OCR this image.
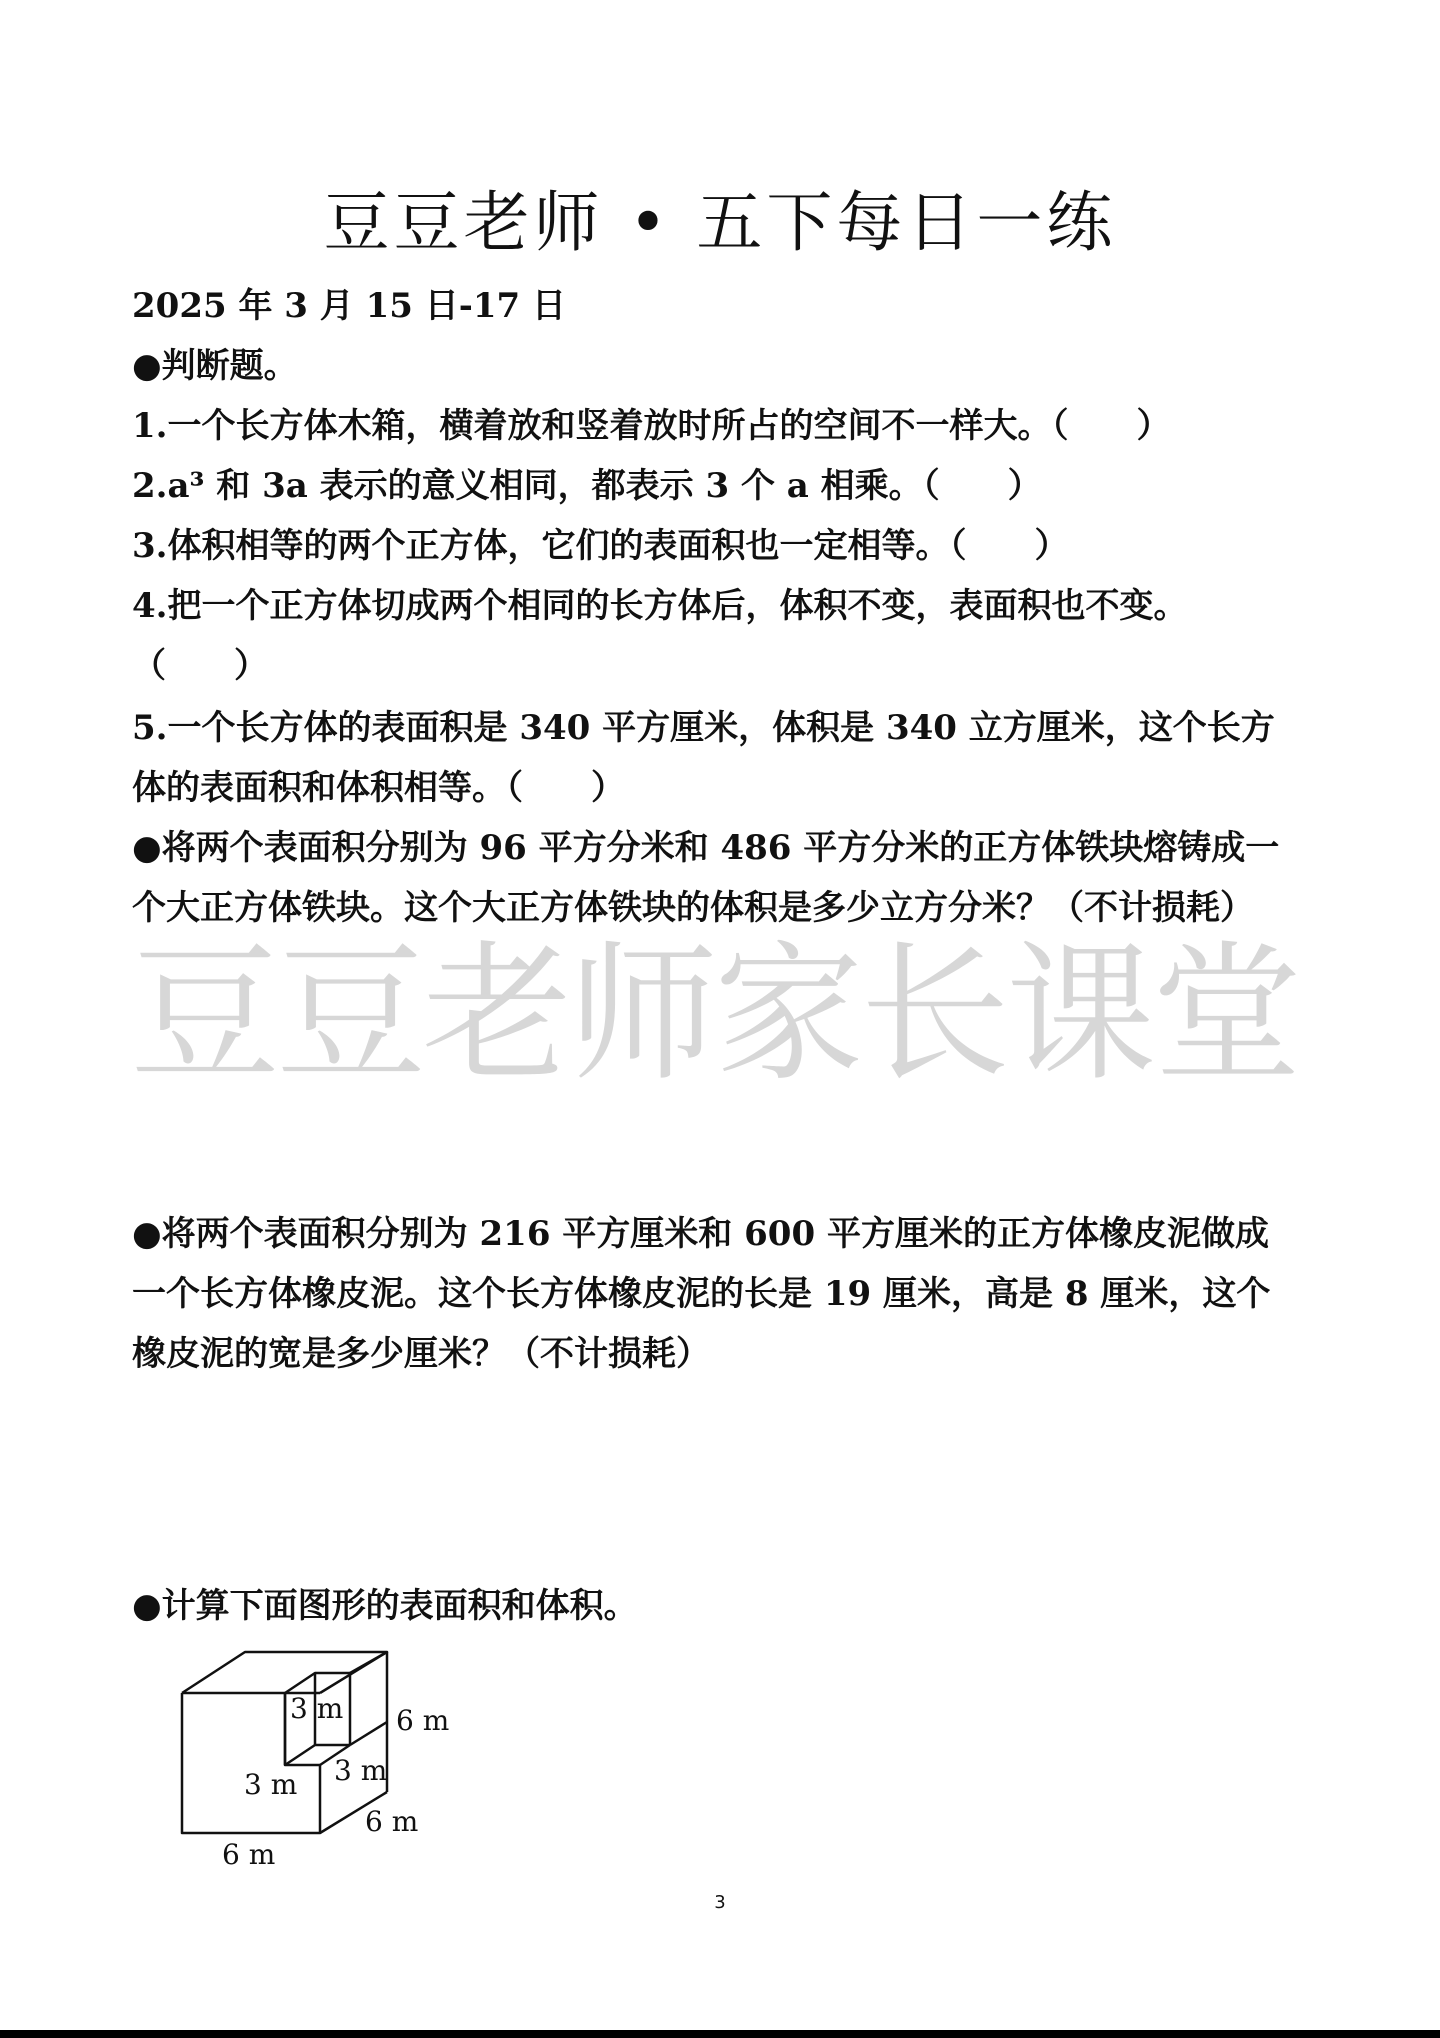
豆豆老师 • 五下每日一练
2025 年 3 月 15 日-17 日
●判断题。
1.一个长方体木箱，横着放和竖着放时所占的空间不一样大。（　　）
2.a³ 和 3a 表示的意义相同，都表示 3 个 a 相乘。（　　）
3.体积相等的两个正方体，它们的表面积也一定相等。（　　）
4.把一个正方体切成两个相同的长方体后，体积不变，表面积也不变。
（　　）
5.一个长方体的表面积是 340 平方厘米，体积是 340 立方厘米，这个长方
体的表面积和体积相等。（　　）
●将两个表面积分别为 96 平方分米和 486 平方分米的正方体铁块熔铸成一
个大正方体铁块。这个大正方体铁块的体积是多少立方分米？（不计损耗）
豆豆老师家长课堂
●将两个表面积分别为 216 平方厘米和 600 平方厘米的正方体橡皮泥做成
一个长方体橡皮泥。这个长方体橡皮泥的长是 19 厘米，高是 8 厘米，这个
橡皮泥的宽是多少厘米？（不计损耗）
●计算下面图形的表面积和体积。
3 m 6 m
3 m 3 m
6 m
6 m
3
